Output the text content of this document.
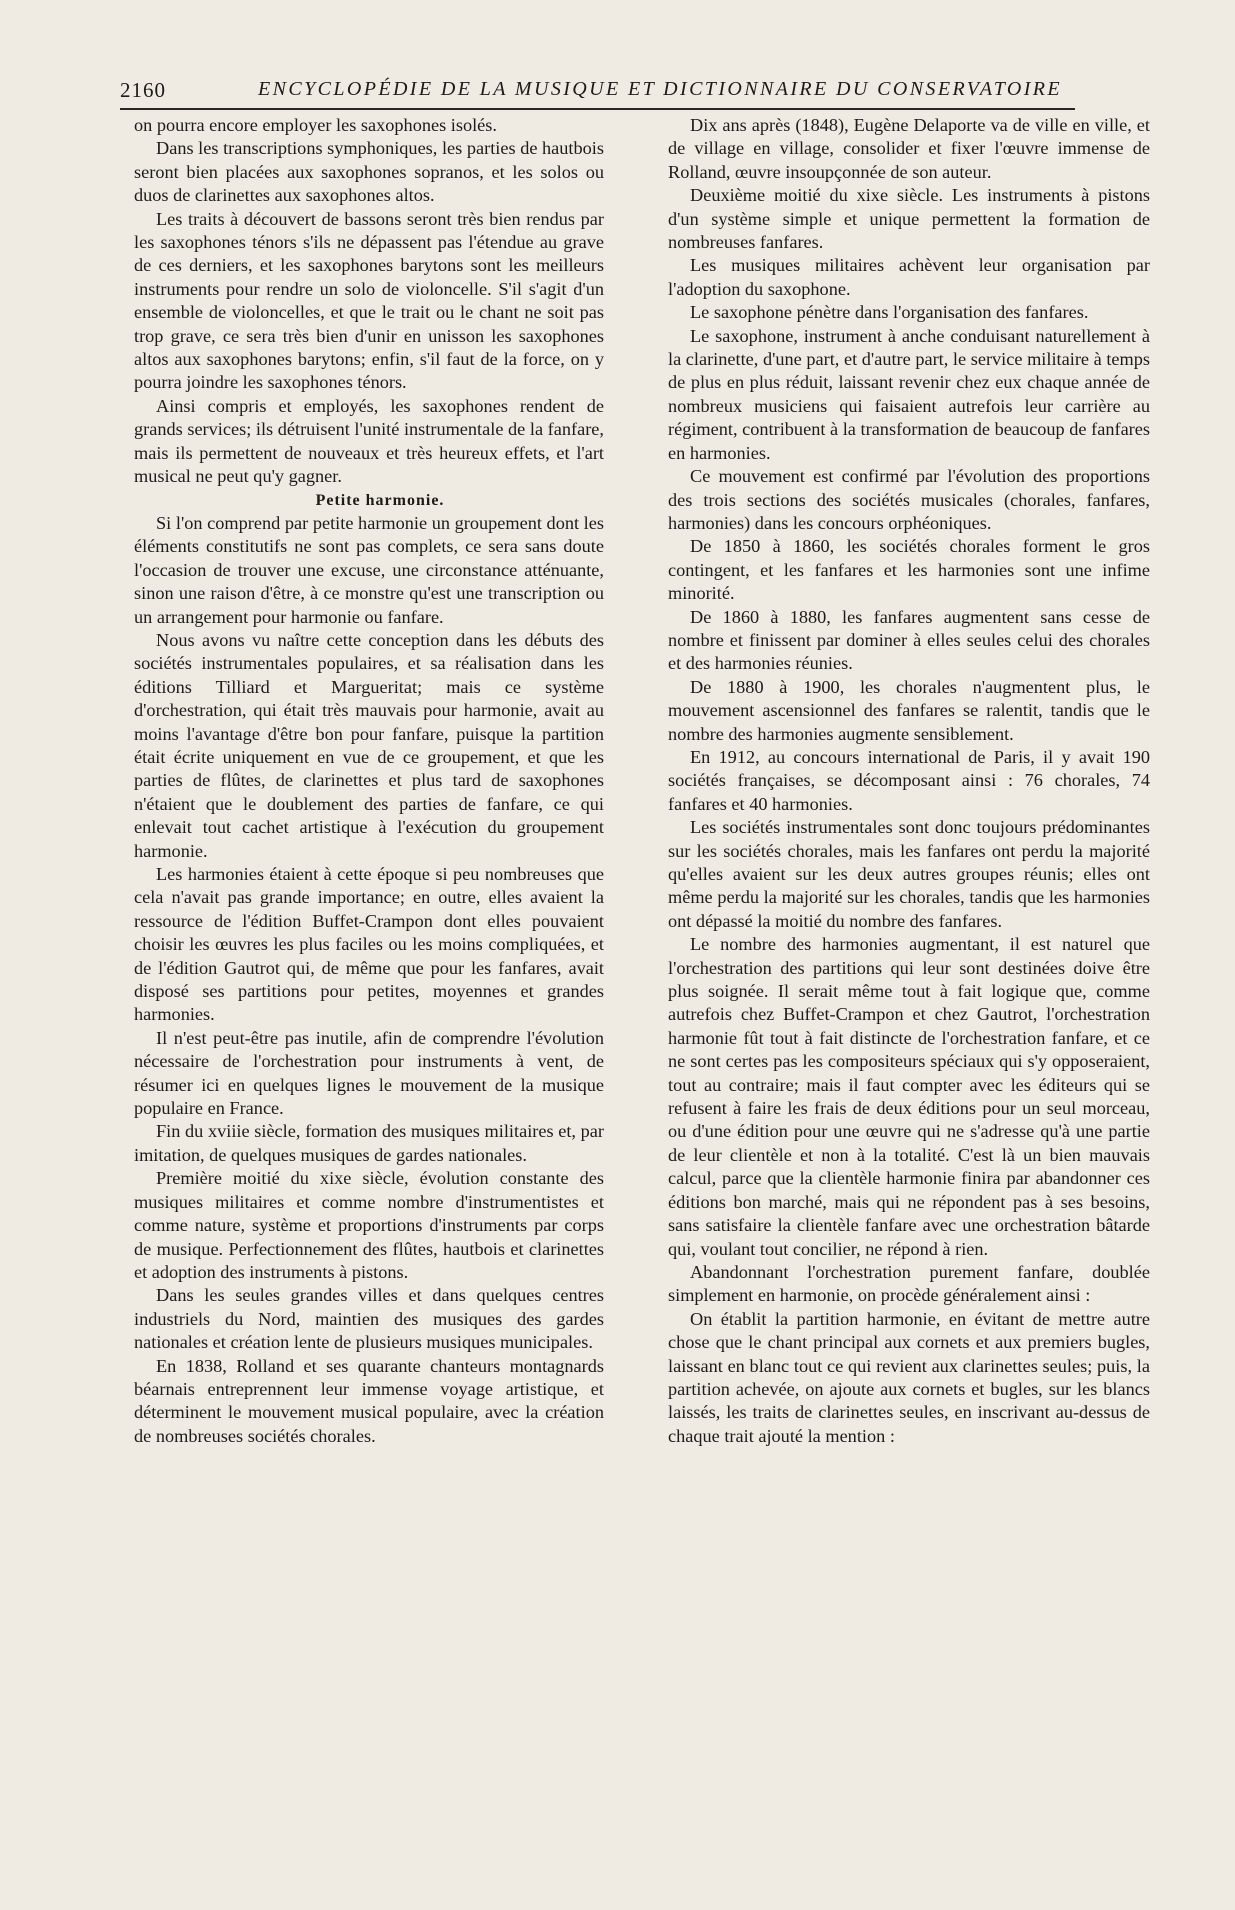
2160	ENCYCLOPÉDIE DE LA MUSIQUE ET DICTIONNAIRE DU CONSERVATOIRE

on pourra encore employer les saxophones isolés.

Dans les transcriptions symphoniques, les parties de hautbois seront bien placées aux saxophones sopranos, et les solos ou duos de clarinettes aux saxophones altos.

Les traits à découvert de bassons seront très bien rendus par les saxophones ténors s'ils ne dépassent pas l'étendue au grave de ces derniers, et les saxophones barytons sont les meilleurs instruments pour rendre un solo de violoncelle. S'il s'agit d'un ensemble de violoncelles, et que le trait ou le chant ne soit pas trop grave, ce sera très bien d'unir en unisson les saxophones altos aux saxophones barytons; enfin, s'il faut de la force, on y pourra joindre les saxophones ténors.

Ainsi compris et employés, les saxophones rendent de grands services; ils détruisent l'unité instrumentale de la fanfare, mais ils permettent de nouveaux et très heureux effets, et l'art musical ne peut qu'y gagner.

Petite harmonie.

Si l'on comprend par petite harmonie un groupement dont les éléments constitutifs ne sont pas complets, ce sera sans doute l'occasion de trouver une excuse, une circonstance atténuante, sinon une raison d'être, à ce monstre qu'est une transcription ou un arrangement pour harmonie ou fanfare.

Nous avons vu naître cette conception dans les débuts des sociétés instrumentales populaires, et sa réalisation dans les éditions Tilliard et Margueritat; mais ce système d'orchestration, qui était très mauvais pour harmonie, avait au moins l'avantage d'être bon pour fanfare, puisque la partition était écrite uniquement en vue de ce groupement, et que les parties de flûtes, de clarinettes et plus tard de saxophones n'étaient que le doublement des parties de fanfare, ce qui enlevait tout cachet artistique à l'exécution du groupement harmonie.

Les harmonies étaient à cette époque si peu nombreuses que cela n'avait pas grande importance; en outre, elles avaient la ressource de l'édition Buffet-Crampon dont elles pouvaient choisir les œuvres les plus faciles ou les moins compliquées, et de l'édition Gautrot qui, de même que pour les fanfares, avait disposé ses partitions pour petites, moyennes et grandes harmonies.

Il n'est peut-être pas inutile, afin de comprendre l'évolution nécessaire de l'orchestration pour instruments à vent, de résumer ici en quelques lignes le mouvement de la musique populaire en France.

Fin du xviiie siècle, formation des musiques militaires et, par imitation, de quelques musiques de gardes nationales.

Première moitié du xixe siècle, évolution constante des musiques militaires et comme nombre d'instrumentistes et comme nature, système et proportions d'instruments par corps de musique. Perfectionnement des flûtes, hautbois et clarinettes et adoption des instruments à pistons.

Dans les seules grandes villes et dans quelques centres industriels du Nord, maintien des musiques des gardes nationales et création lente de plusieurs musiques municipales.

En 1838, Rolland et ses quarante chanteurs montagnards béarnais entreprennent leur immense voyage artistique, et déterminent le mouvement musical populaire, avec la création de nombreuses sociétés chorales.

Dix ans après (1848), Eugène Delaporte va de ville en ville, et de village en village, consolider et fixer l'œuvre immense de Rolland, œuvre insoupçonnée de son auteur.

Deuxième moitié du xixe siècle. Les instruments à pistons d'un système simple et unique permettent la formation de nombreuses fanfares.

Les musiques militaires achèvent leur organisation par l'adoption du saxophone.

Le saxophone pénètre dans l'organisation des fanfares.

Le saxophone, instrument à anche conduisant naturellement à la clarinette, d'une part, et d'autre part, le service militaire à temps de plus en plus réduit, laissant revenir chez eux chaque année de nombreux musiciens qui faisaient autrefois leur carrière au régiment, contribuent à la transformation de beaucoup de fanfares en harmonies.

Ce mouvement est confirmé par l'évolution des proportions des trois sections des sociétés musicales (chorales, fanfares, harmonies) dans les concours orphéoniques.

De 1850 à 1860, les sociétés chorales forment le gros contingent, et les fanfares et les harmonies sont une infime minorité.

De 1860 à 1880, les fanfares augmentent sans cesse de nombre et finissent par dominer à elles seules celui des chorales et des harmonies réunies.

De 1880 à 1900, les chorales n'augmentent plus, le mouvement ascensionnel des fanfares se ralentit, tandis que le nombre des harmonies augmente sensiblement.

En 1912, au concours international de Paris, il y avait 190 sociétés françaises, se décomposant ainsi : 76 chorales, 74 fanfares et 40 harmonies.

Les sociétés instrumentales sont donc toujours prédominantes sur les sociétés chorales, mais les fanfares ont perdu la majorité qu'elles avaient sur les deux autres groupes réunis; elles ont même perdu la majorité sur les chorales, tandis que les harmonies ont dépassé la moitié du nombre des fanfares.

Le nombre des harmonies augmentant, il est naturel que l'orchestration des partitions qui leur sont destinées doive être plus soignée. Il serait même tout à fait logique que, comme autrefois chez Buffet-Crampon et chez Gautrot, l'orchestration harmonie fût tout à fait distincte de l'orchestration fanfare, et ce ne sont certes pas les compositeurs spéciaux qui s'y opposeraient, tout au contraire; mais il faut compter avec les éditeurs qui se refusent à faire les frais de deux éditions pour un seul morceau, ou d'une édition pour une œuvre qui ne s'adresse qu'à une partie de leur clientèle et non à la totalité. C'est là un bien mauvais calcul, parce que la clientèle harmonie finira par abandonner ces éditions bon marché, mais qui ne répondent pas à ses besoins, sans satisfaire la clientèle fanfare avec une orchestration bâtarde qui, voulant tout concilier, ne répond à rien.

Abandonnant l'orchestration purement fanfare, doublée simplement en harmonie, on procède généralement ainsi :

On établit la partition harmonie, en évitant de mettre autre chose que le chant principal aux cornets et aux premiers bugles, laissant en blanc tout ce qui revient aux clarinettes seules; puis, la partition achevée, on ajoute aux cornets et bugles, sur les blancs laissés, les traits de clarinettes seules, en inscrivant au-dessus de chaque trait ajouté la mention :
